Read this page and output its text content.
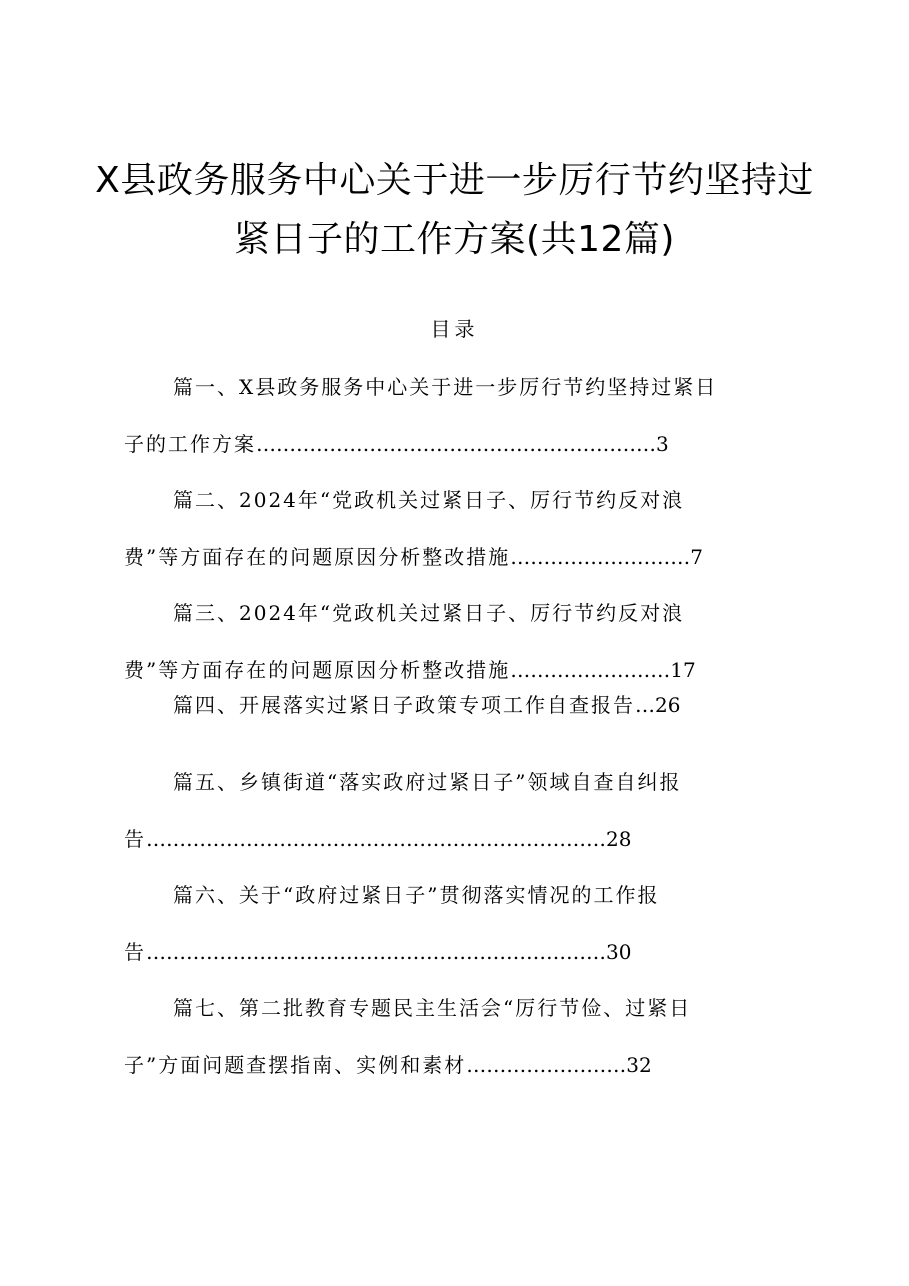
X县政务服务中心关于进一步厉行节约坚持过
紧日子的工作方案(共12篇)
目录
篇一、X县政务服务中心关于进一步厉行节约坚持过紧日
子的工作方案 …………………………………………………… 3
篇二、2024年“党政机关过紧日子、厉行节约反对浪
费”等方面存在的问题原因分析整改措施 ……………………… 7
篇三、2024年“党政机关过紧日子、厉行节约反对浪
费”等方面存在的问题原因分析整改措施 …………………… 17
篇四、开展落实过紧日子政策专项工作自查报告 … 26
篇五、乡镇街道“落实政府过紧日子”领域自查自纠报
告 …………………………………………………………… 28
篇六、关于“政府过紧日子”贯彻落实情况的工作报
告 …………………………………………………………… 30
篇七、第二批教育专题民主生活会“厉行节俭、过紧日
子”方面问题查摆指南、实例和素材 …………………… 32
